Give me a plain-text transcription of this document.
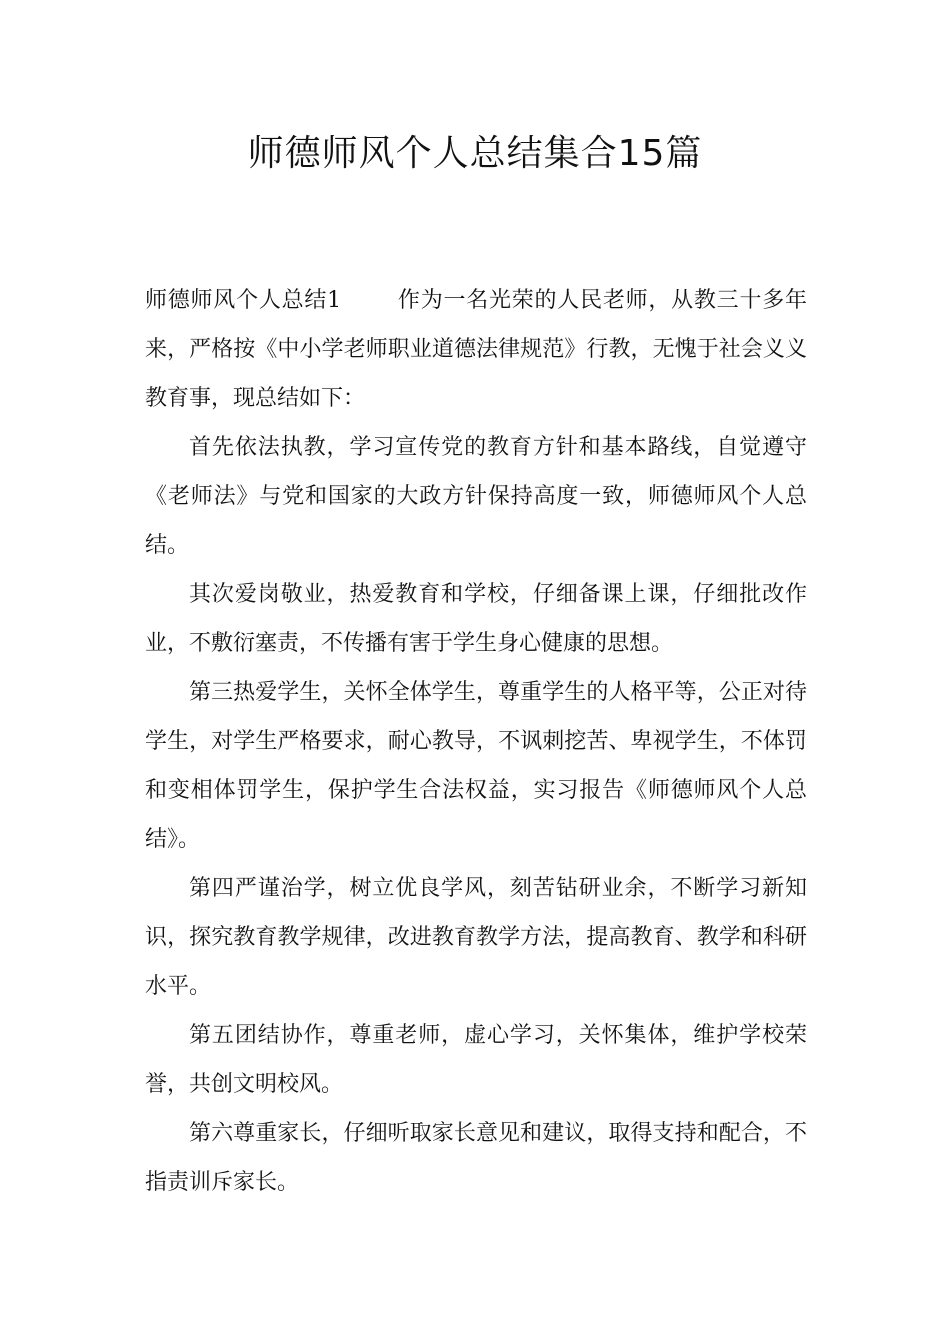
师德师风个人总结集合15篇

师德师风个人总结1	作为一名光荣的人民老师，从教三十多年来，严格按《中小学老师职业道德法律规范》行教，无愧于社会义义教育事，现总结如下：

首先依法执教，学习宣传党的教育方针和基本路线，自觉遵守《老师法》与党和国家的大政方针保持高度一致，师德师风个人总结。

其次爱岗敬业，热爱教育和学校，仔细备课上课，仔细批改作业，不敷衍塞责，不传播有害于学生身心健康的思想。

第三热爱学生，关怀全体学生，尊重学生的人格平等，公正对待学生，对学生严格要求，耐心教导，不讽刺挖苦、卑视学生，不体罚和变相体罚学生，保护学生合法权益，实习报告《师德师风个人总结》。

第四严谨治学，树立优良学风，刻苦钻研业余，不断学习新知识，探究教育教学规律，改进教育教学方法，提高教育、教学和科研水平。

第五团结协作，尊重老师，虚心学习，关怀集体，维护学校荣誉，共创文明校风。

第六尊重家长，仔细听取家长意见和建议，取得支持和配合，不指责训斥家长。
